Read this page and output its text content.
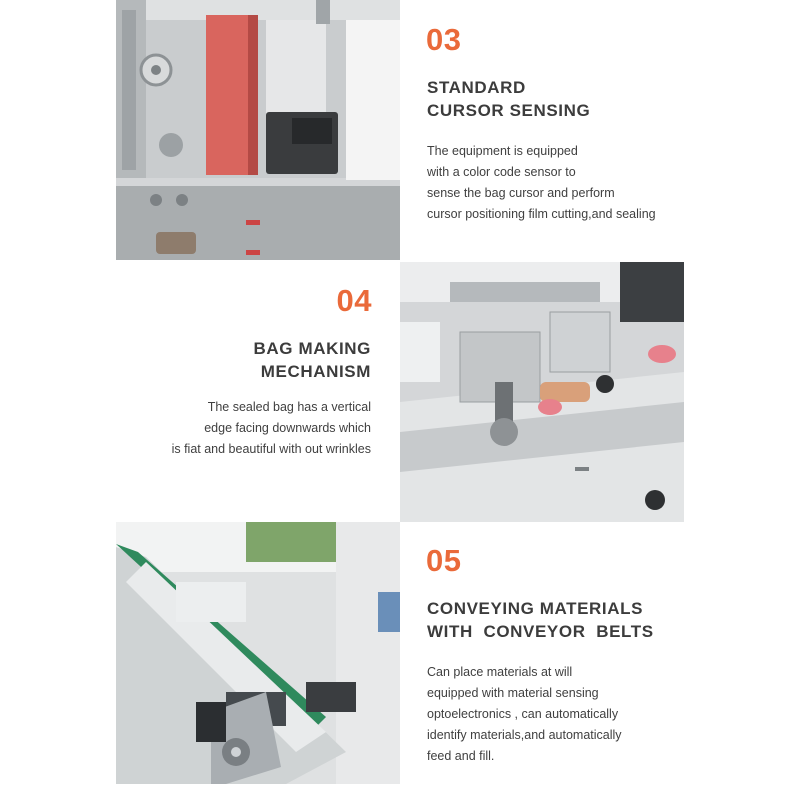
03
STANDARD
CURSOR SENSING
The equipment is equipped
with a color code sensor to
sense the bag cursor and perform
cursor positioning film cutting,and sealing
04
BAG MAKING
MECHANISM
The sealed bag has a vertical
edge facing downwards which
is fiat and beautiful with out wrinkles
05
CONVEYING MATERIALS
WITH  CONVEYOR  BELTS
Can place materials at will
equipped with material sensing
optoelectronics , can automatically
identify materials,and automatically
feed and fill.
